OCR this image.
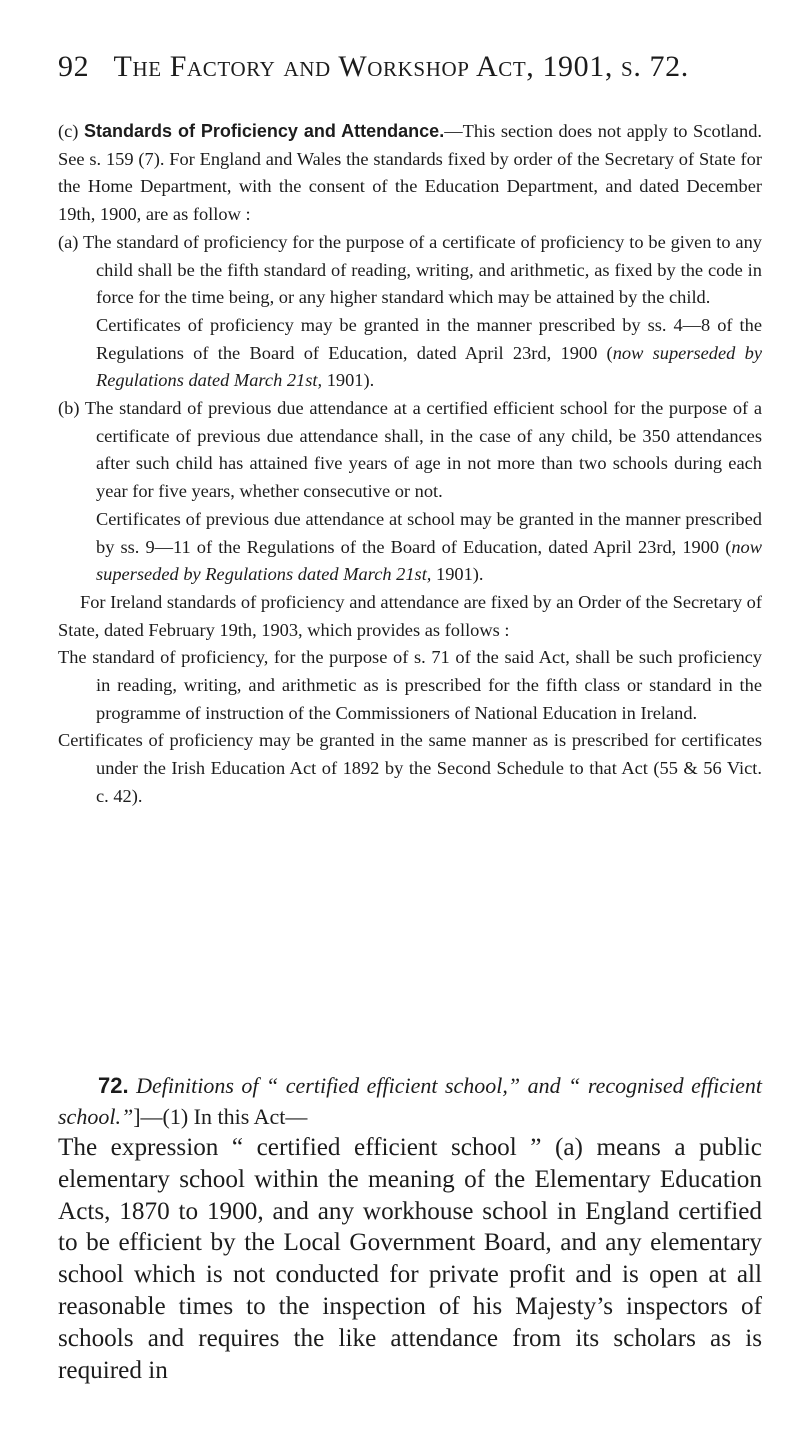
92 The Factory and Workshop Act, 1901, s. 72.

(c) Standards of Proficiency and Attendance.—This section does not apply to Scotland. See s. 159 (7). For England and Wales the standards fixed by order of the Secretary of State for the Home Department, with the consent of the Education Department, and dated December 19th, 1900, are as follow :

(a) The standard of proficiency for the purpose of a certificate of proficiency to be given to any child shall be the fifth standard of reading, writing, and arithmetic, as fixed by the code in force for the time being, or any higher standard which may be attained by the child.

Certificates of proficiency may be granted in the manner prescribed by ss. 4—8 of the Regulations of the Board of Education, dated April 23rd, 1900 (now superseded by Regulations dated March 21st, 1901).

(b) The standard of previous due attendance at a certified efficient school for the purpose of a certificate of previous due attendance shall, in the case of any child, be 350 attendances after such child has attained five years of age in not more than two schools during each year for five years, whether consecutive or not.

Certificates of previous due attendance at school may be granted in the manner prescribed by ss. 9—11 of the Regulations of the Board of Education, dated April 23rd, 1900 (now superseded by Regulations dated March 21st, 1901).

For Ireland standards of proficiency and attendance are fixed by an Order of the Secretary of State, dated February 19th, 1903, which provides as follows :

The standard of proficiency, for the purpose of s. 71 of the said Act, shall be such proficiency in reading, writing, and arithmetic as is prescribed for the fifth class or standard in the programme of instruction of the Commissioners of National Education in Ireland.

Certificates of proficiency may be granted in the same manner as is prescribed for certificates under the Irish Education Act of 1892 by the Second Schedule to that Act (55 & 56 Vict. c. 42).

72. Definitions of “ certified efficient school,” and “ recognised efficient school.”]—(1) In this Act—

The expression “ certified efficient school ” (a) means a public elementary school within the meaning of the Elementary Education Acts, 1870 to 1900, and any workhouse school in England certified to be efficient by the Local Government Board, and any elementary school which is not conducted for private profit and is open at all reasonable times to the inspection of his Majesty’s inspectors of schools and requires the like attendance from its scholars as is required in
